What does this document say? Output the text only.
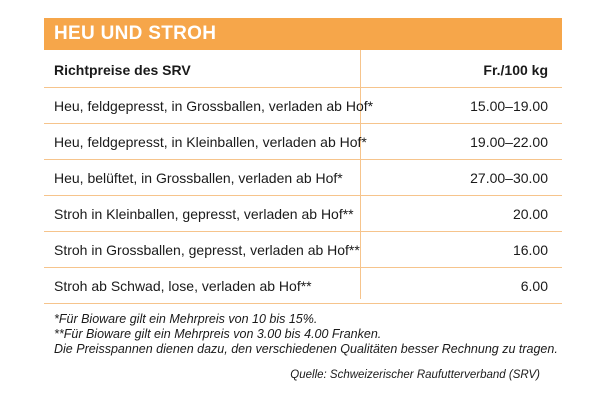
HEU UND STROH
Richtpreise des SRV	Fr./100 kg
Heu, feldgepresst, in Grossballen, verladen ab Hof*	15.00–19.00
Heu, feldgepresst, in Kleinballen, verladen ab Hof*	19.00–22.00
Heu, belüftet, in Grossballen, verladen ab Hof*	27.00–30.00
Stroh in Kleinballen, gepresst, verladen ab Hof**	20.00
Stroh in Grossballen, gepresst, verladen ab Hof**	16.00
Stroh ab Schwad, lose, verladen ab Hof**	6.00
*Für Bioware gilt ein Mehrpreis von 10 bis 15%.
**Für Bioware gilt ein Mehrpreis von 3.00 bis 4.00 Franken.
Die Preisspannen dienen dazu, den verschiedenen Qualitäten besser Rechnung zu tragen.
Quelle: Schweizerischer Raufutterverband (SRV)
